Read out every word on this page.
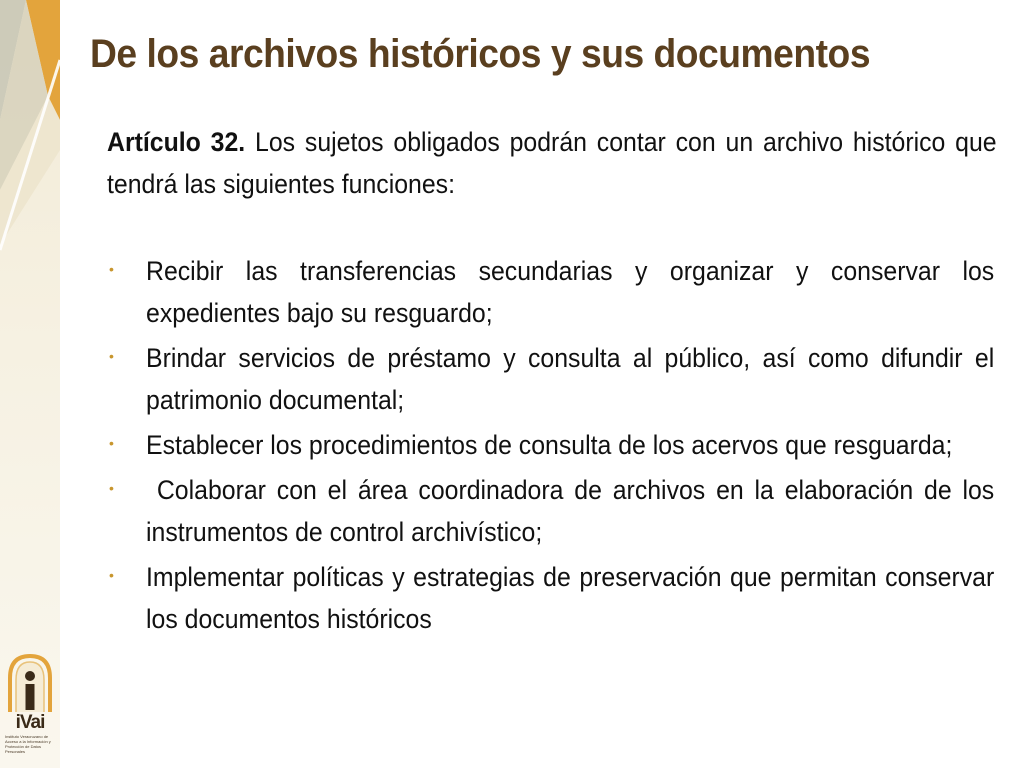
De los archivos históricos y sus documentos

Artículo 32. Los sujetos obligados podrán contar con un archivo histórico que tendrá las siguientes funciones:

• Recibir las transferencias secundarias y organizar y conservar los expedientes bajo su resguardo;
• Brindar servicios de préstamo y consulta al público, así como difundir el patrimonio documental;
• Establecer los procedimientos de consulta de los acervos que resguarda;
• Colaborar con el área coordinadora de archivos en la elaboración de los instrumentos de control archivístico;
• Implementar políticas y estrategias de preservación que permitan conservar los documentos históricos
iVai
Instituto Veracruzano de Acceso a la Información y Protección de Datos Personales
